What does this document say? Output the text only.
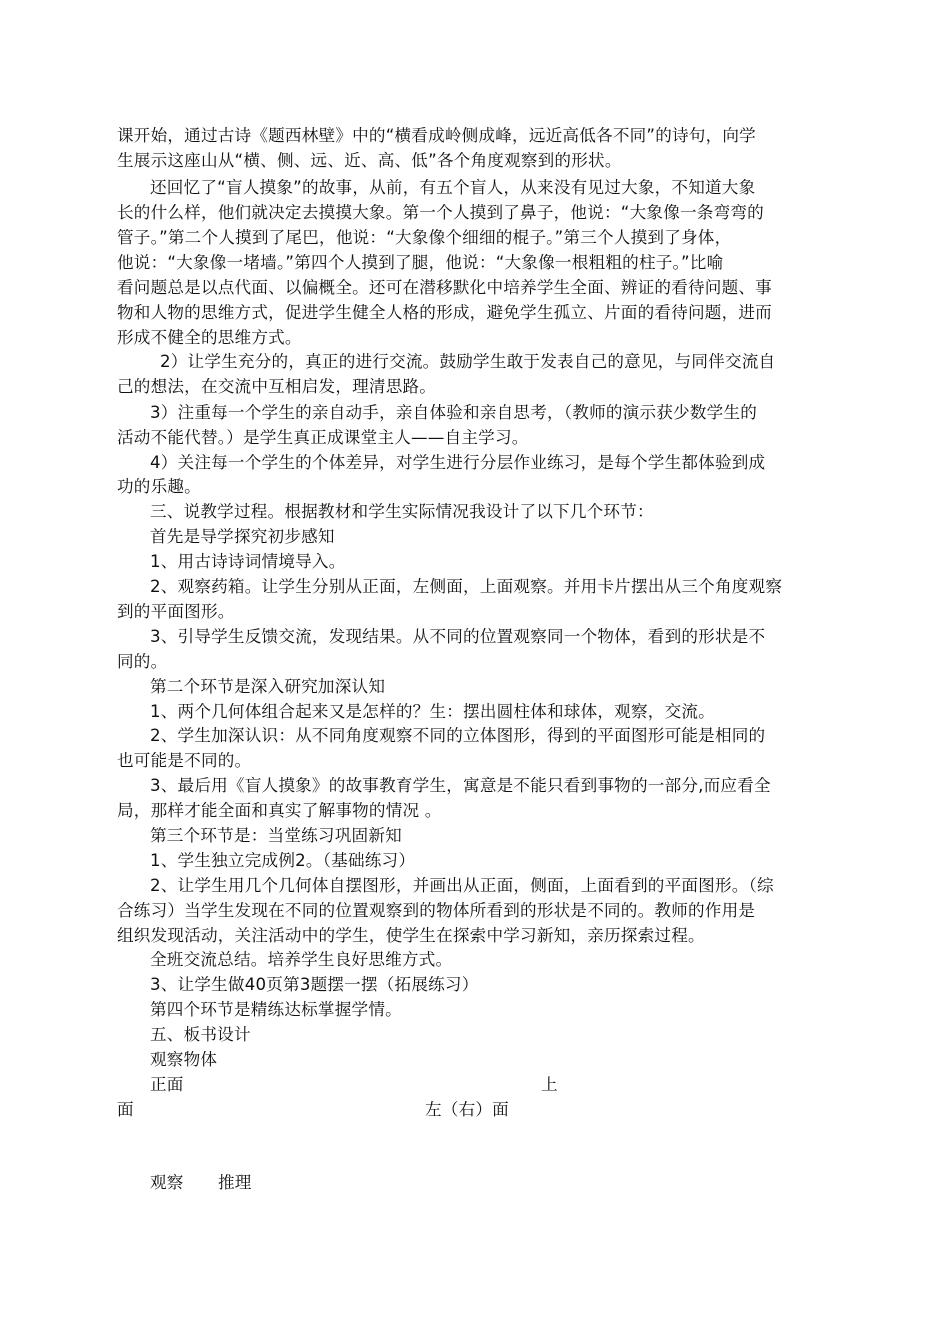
课开始，通过古诗《题西林壁》中的“横看成岭侧成峰，远近高低各不同”的诗句，向学
生展示这座山从“横、侧、远、近、高、低”各个角度观察到的形状。
还回忆了“盲人摸象”的故事，从前，有五个盲人，从来没有见过大象，不知道大象
长的什么样，他们就决定去摸摸大象。第一个人摸到了鼻子，他说：“大象像一条弯弯的
管子。”第二个人摸到了尾巴，他说：“大象像个细细的棍子。”第三个人摸到了身体，
他说：“大象像一堵墙。”第四个人摸到了腿，他说：“大象像一根粗粗的柱子。”比喻
看问题总是以点代面、以偏概全。还可在潜移默化中培养学生全面、辨证的看待问题、事
物和人物的思维方式，促进学生健全人格的形成，避免学生孤立、片面的看待问题，进而
形成不健全的思维方式。
2）让学生充分的，真正的进行交流。鼓励学生敢于发表自己的意见，与同伴交流自
己的想法，在交流中互相启发，理清思路。
3）注重每一个学生的亲自动手，亲自体验和亲自思考，（教师的演示获少数学生的
活动不能代替。）是学生真正成课堂主人——自主学习。
4）关注每一个学生的个体差异，对学生进行分层作业练习，是每个学生都体验到成
功的乐趣。
三、说教学过程。根据教材和学生实际情况我设计了以下几个环节：
首先是导学探究初步感知
1、用古诗诗词情境导入。
2、观察药箱。让学生分别从正面，左侧面，上面观察。并用卡片摆出从三个角度观察
到的平面图形。
3、引导学生反馈交流，发现结果。从不同的位置观察同一个物体，看到的形状是不
同的。
第二个环节是深入研究加深认知
1、两个几何体组合起来又是怎样的？生：摆出圆柱体和球体，观察，交流。
2、学生加深认识：从不同角度观察不同的立体图形，得到的平面图形可能是相同的
也可能是不同的。
3、最后用《盲人摸象》的故事教育学生，寓意是不能只看到事物的一部分,而应看全
局，那样才能全面和真实了解事物的情况 。
第三个环节是：当堂练习巩固新知
1、学生独立完成例2。（基础练习）
2、让学生用几个几何体自摆图形，并画出从正面，侧面，上面看到的平面图形。（综
合练习）当学生发现在不同的位置观察到的物体所看到的形状是不同的。教师的作用是
组织发现活动，关注活动中的学生，使学生在探索中学习新知，亲历探索过程。
全班交流总结。培养学生良好思维方式。
3、让学生做40页第3题摆一摆（拓展练习）
第四个环节是精练达标掌握学情。
五、板书设计
观察物体
正面	上
面	左（右）面
观察 推理
